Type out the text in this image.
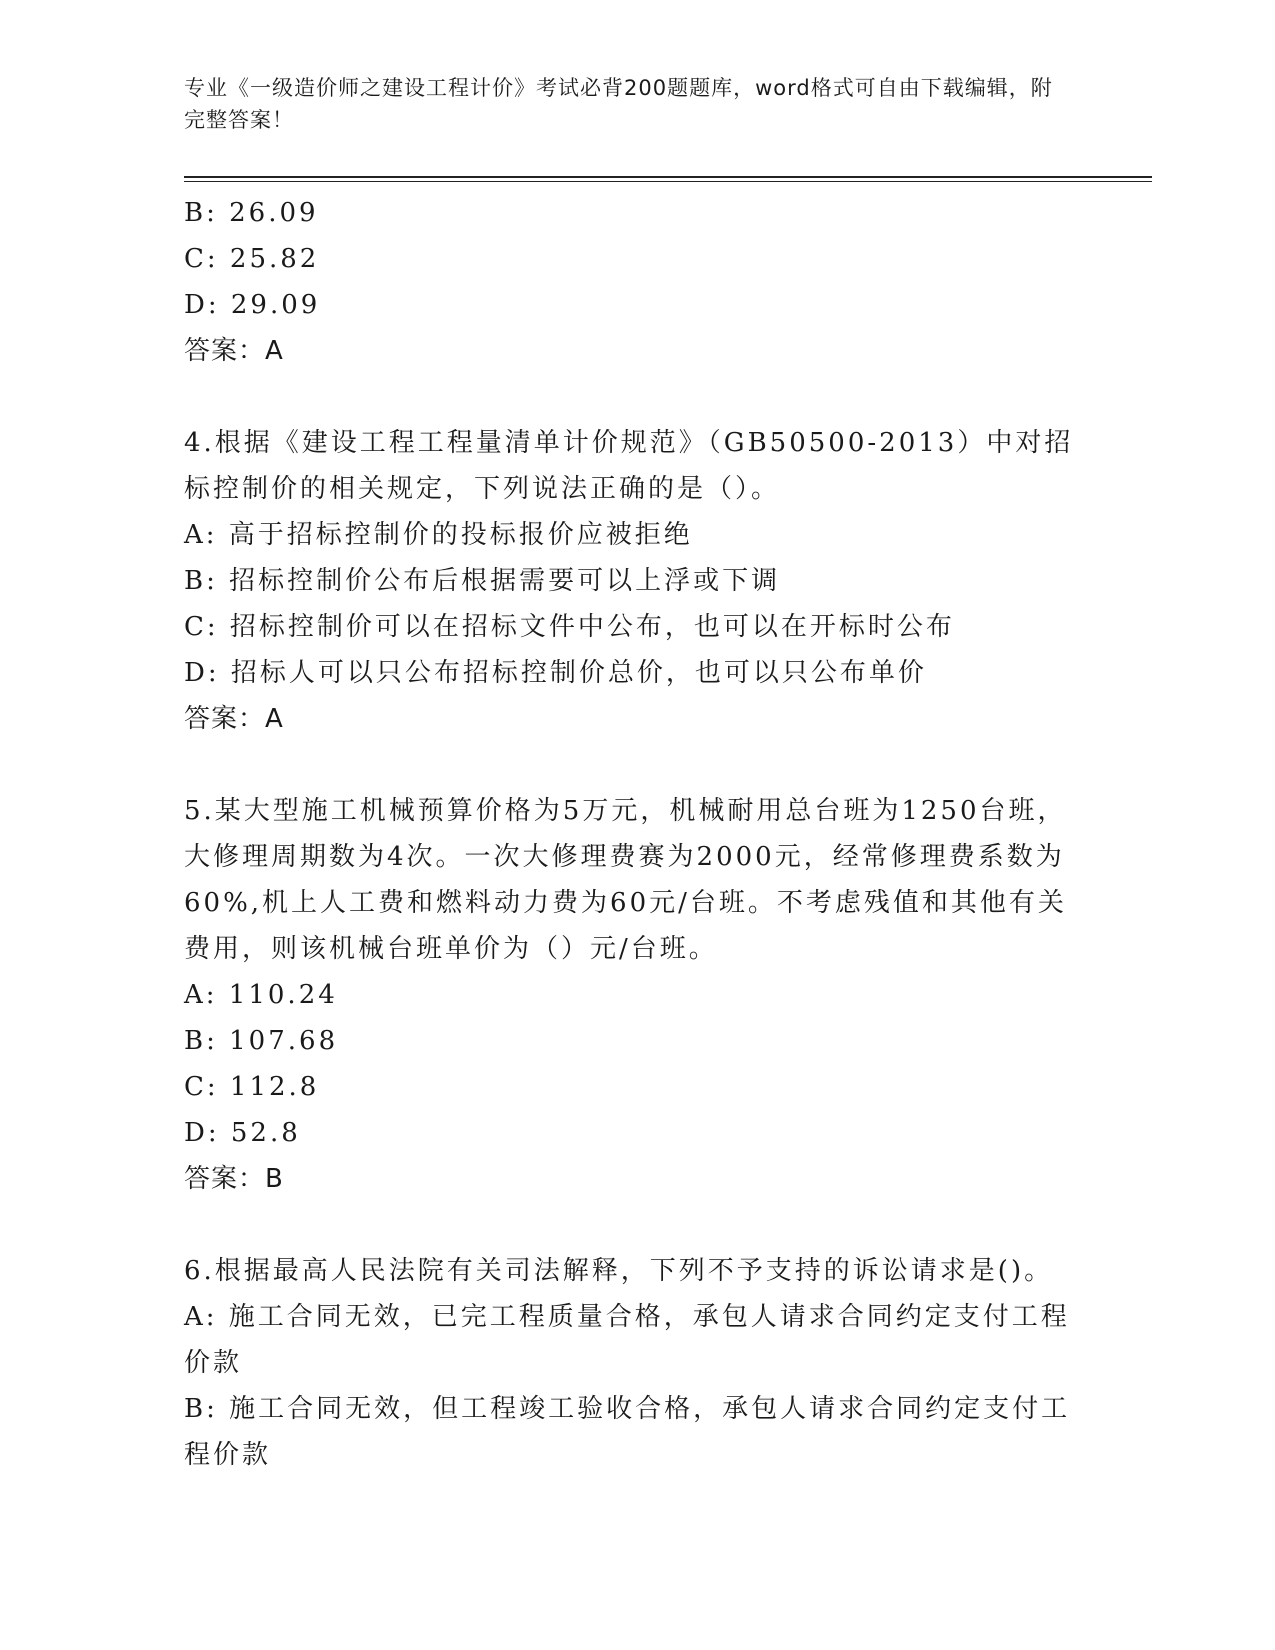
专业《一级造价师之建设工程计价》考试必背200题题库，word格式可自由下载编辑，附完整答案！
B: 26.09
C: 25.82
D: 29.09
答案：A
4.根据《建设工程工程量清单计价规范》（GB50500-2013）中对招标控制价的相关规定，下列说法正确的是（）。
A: 高于招标控制价的投标报价应被拒绝
B: 招标控制价公布后根据需要可以上浮或下调
C: 招标控制价可以在招标文件中公布，也可以在开标时公布
D: 招标人可以只公布招标控制价总价，也可以只公布单价
答案：A
5.某大型施工机械预算价格为5万元，机械耐用总台班为1250台班，大修理周期数为4次。一次大修理费赛为2000元，经常修理费系数为60%,机上人工费和燃料动力费为60元/台班。不考虑残值和其他有关费用，则该机械台班单价为（）元/台班。
A: 110.24
B: 107.68
C: 112.8
D: 52.8
答案：B
6.根据最高人民法院有关司法解释，下列不予支持的诉讼请求是()。
A: 施工合同无效，已完工程质量合格，承包人请求合同约定支付工程价款
B: 施工合同无效，但工程竣工验收合格，承包人请求合同约定支付工程价款
